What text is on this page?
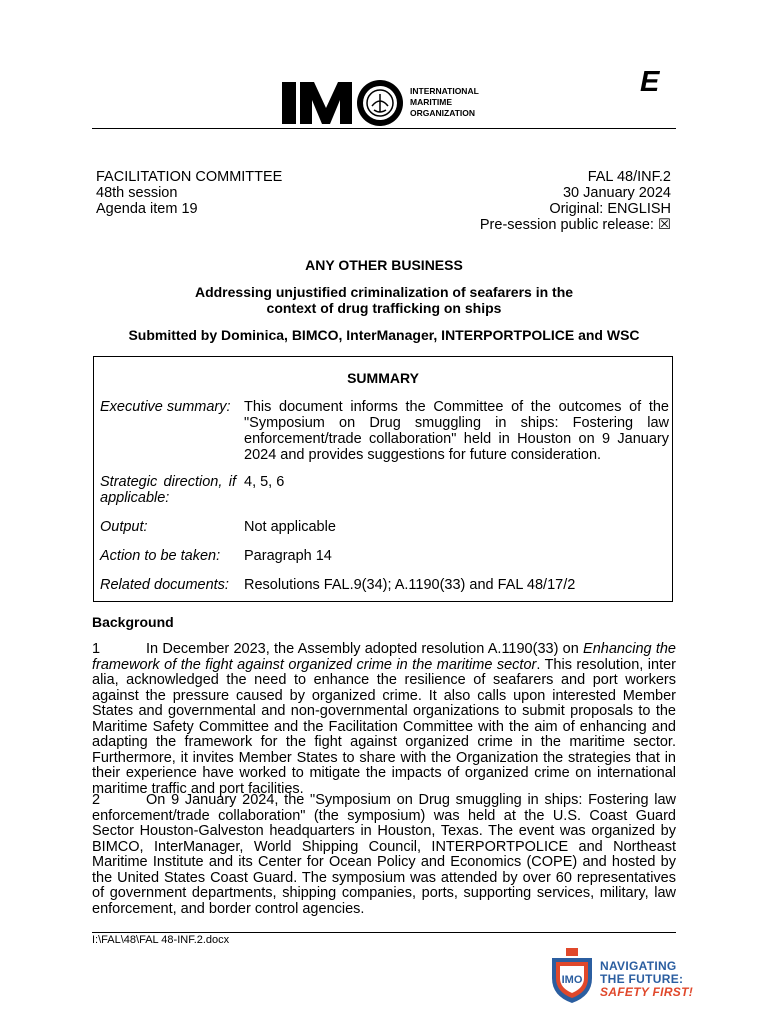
INTERNATIONAL
MARITIME
ORGANIZATION
E
FACILITATION COMMITTEE
48th session
Agenda item 19
FAL 48/INF.2
30 January 2024
Original: ENGLISH
Pre-session public release: ☒
ANY OTHER BUSINESS
Addressing unjustified criminalization of seafarers in the
context of drug trafficking on ships
Submitted by Dominica, BIMCO, InterManager, INTERPORTPOLICE and WSC
SUMMARY
Executive summary: This document informs the Committee of the outcomes of the "Symposium on Drug smuggling in ships: Fostering law enforcement/trade collaboration" held in Houston on 9 January 2024 and provides suggestions for future consideration.
Strategic direction, if applicable:
4, 5, 6
Output:	Not applicable
Action to be taken:	Paragraph 14
Related documents:	Resolutions FAL.9(34); A.1190(33) and FAL 48/17/2
Background
1	In December 2023, the Assembly adopted resolution A.1190(33) on Enhancing the framework of the fight against organized crime in the maritime sector. This resolution, inter alia, acknowledged the need to enhance the resilience of seafarers and port workers against the pressure caused by organized crime. It also calls upon interested Member States and governmental and non-governmental organizations to submit proposals to the Maritime Safety Committee and the Facilitation Committee with the aim of enhancing and adapting the framework for the fight against organized crime in the maritime sector. Furthermore, it invites Member States to share with the Organization the strategies that in their experience have worked to mitigate the impacts of organized crime on international maritime traffic and port facilities.
2	On 9 January 2024, the "Symposium on Drug smuggling in ships: Fostering law enforcement/trade collaboration" (the symposium) was held at the U.S. Coast Guard Sector Houston-Galveston headquarters in Houston, Texas. The event was organized by BIMCO, InterManager, World Shipping Council, INTERPORTPOLICE and Northeast Maritime Institute and its Center for Ocean Policy and Economics (COPE) and hosted by the United States Coast Guard. The symposium was attended by over 60 representatives of government departments, shipping companies, ports, supporting services, military, law enforcement, and border control agencies.
I:\FAL\48\FAL 48-INF.2.docx
IMO
NAVIGATING
THE FUTURE:
SAFETY FIRST!
